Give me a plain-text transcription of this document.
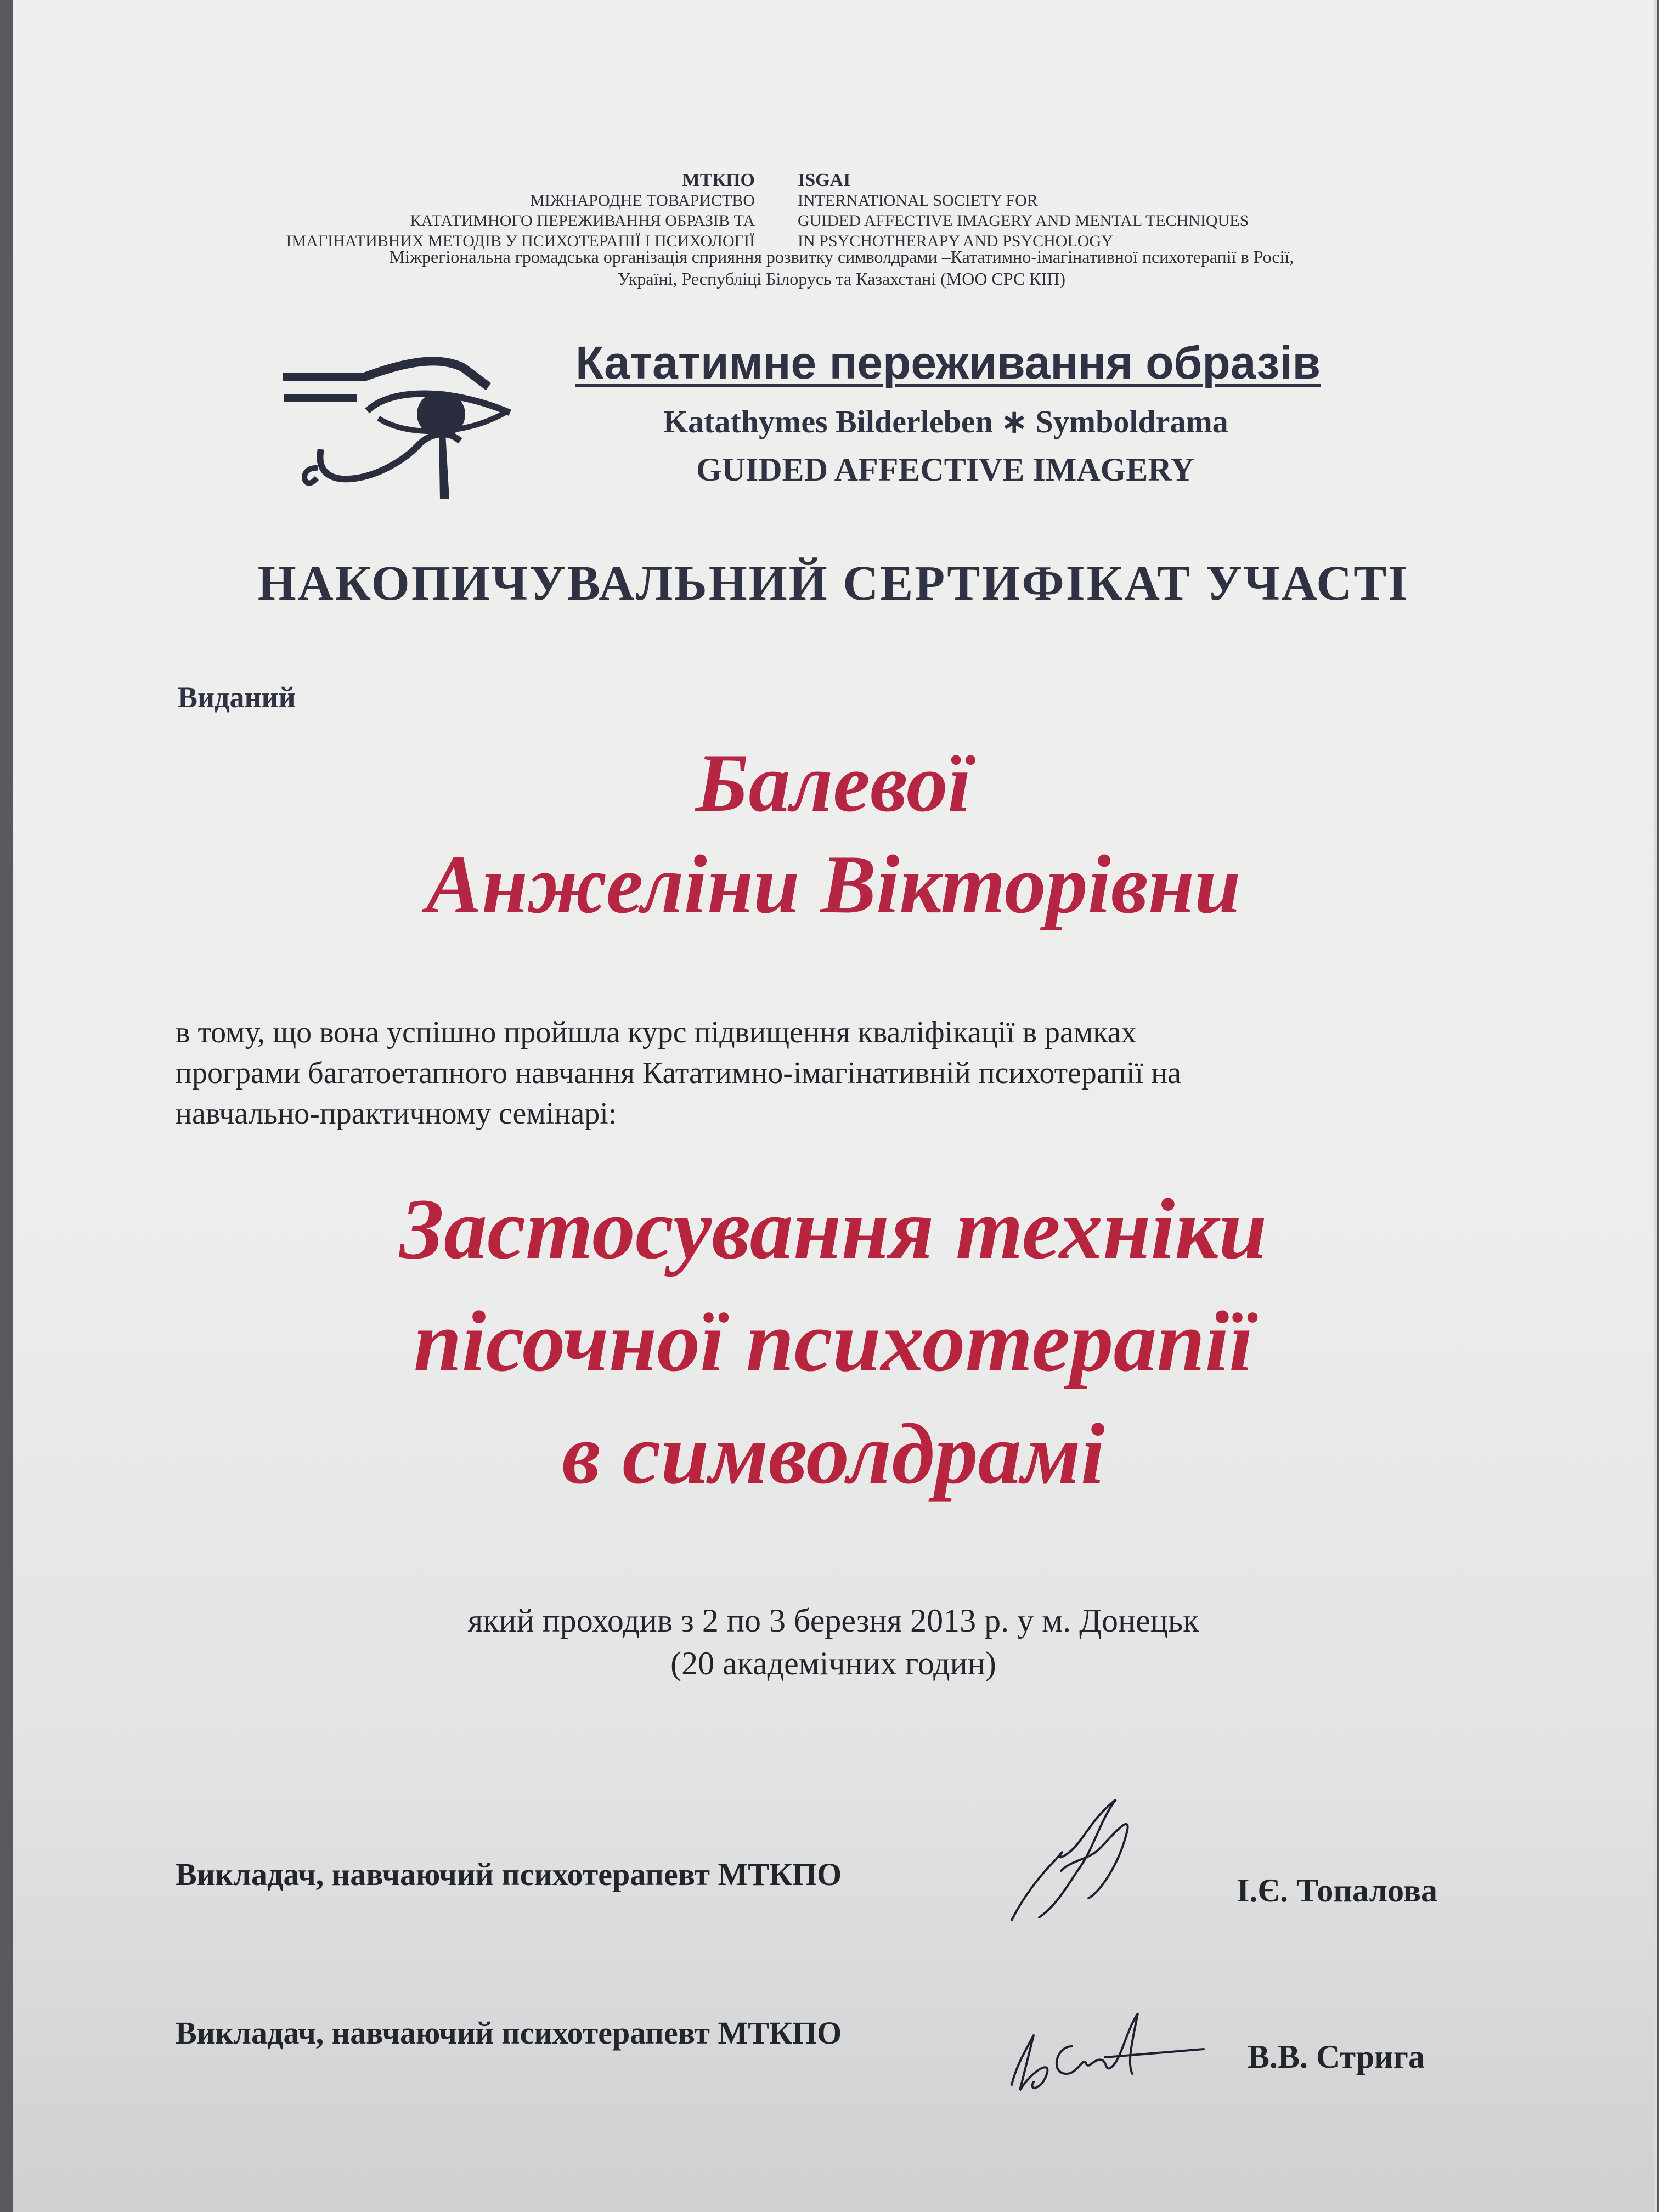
МТКПО
МІЖНАРОДНЕ ТОВАРИСТВО
КАТАТИМНОГО ПЕРЕЖИВАННЯ ОБРАЗІВ ТА
ІМАГІНАТИВНИХ МЕТОДІВ У ПСИХОТЕРАПІЇ І ПСИХОЛОГІЇ
ISGAI
INTERNATIONAL SOCIETY FOR
GUIDED AFFECTIVE IMAGERY AND MENTAL TECHNIQUES
IN PSYCHOTHERAPY AND PSYCHOLOGY
Міжрегіональна громадська організація сприяння розвитку символдрами –Кататимно-імагінативної психотерапії в Росії,
Україні, Республіці Білорусь та Казахстані (МОО СРС КІП)
Кататимне переживання образів
Katathymes Bilderleben ∗ Symboldrama
GUIDED AFFECTIVE IMAGERY
НАКОПИЧУВАЛЬНИЙ СЕРТИФІКАТ УЧАСТІ
Виданий
Балевої
Анжеліни Вікторівни
в тому, що вона успішно пройшла курс підвищення кваліфікації в рамках
програми багатоетапного навчання Кататимно-імагінативній психотерапії на
навчально-практичному семінарі:
Застосування техніки
пісочної психотерапії
в символдрамі
який проходив з 2 по 3 березня 2013 р. у м. Донецьк
(20 академічних годин)
Викладач, навчаючий психотерапевт МТКПО	І.Є. Топалова
Викладач, навчаючий психотерапевт МТКПО
В.В. Стрига
